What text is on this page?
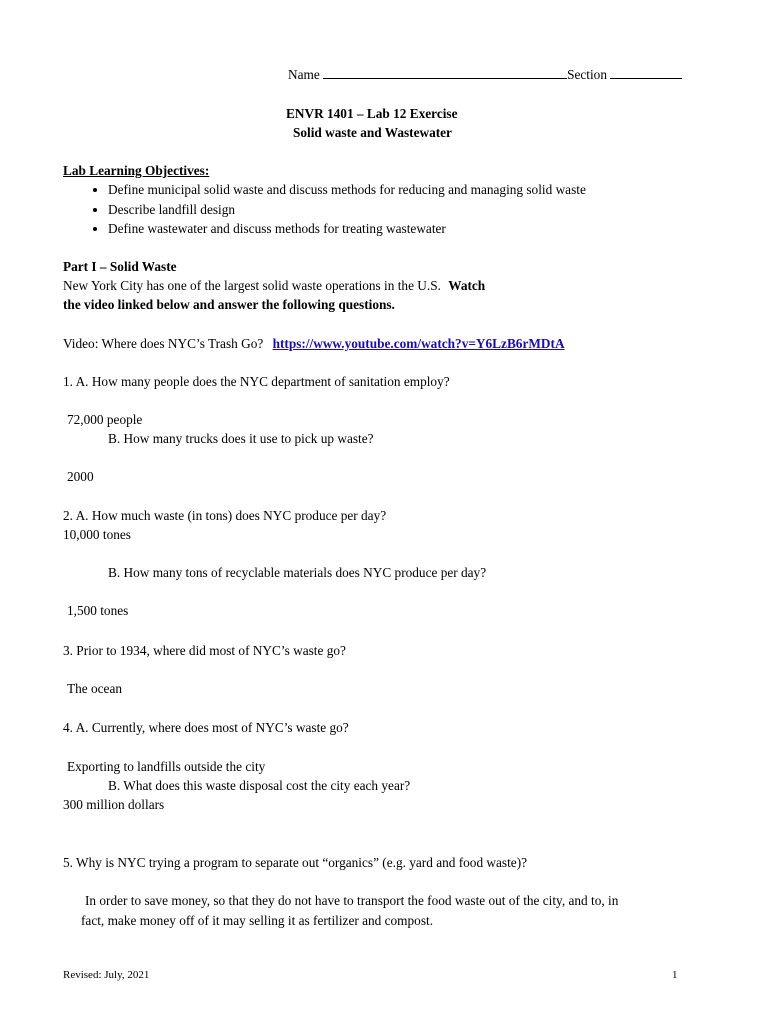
Name	Section
ENVR 1401 – Lab 12 Exercise
Solid waste and Wastewater
Lab Learning Objectives:
• Define municipal solid waste and discuss methods for reducing and managing solid waste
• Describe landfill design
• Define wastewater and discuss methods for treating wastewater
Part I – Solid Waste
New York City has one of the largest solid waste operations in the U.S. Watch
the video linked below and answer the following questions.
Video: Where does NYC’s Trash Go? https://www.youtube.com/watch?v=Y6LzB6rMDtA
1. A. How many people does the NYC department of sanitation employ?
72,000 people
B. How many trucks does it use to pick up waste?
2000
2. A. How much waste (in tons) does NYC produce per day?
10,000 tones
B. How many tons of recyclable materials does NYC produce per day?
1,500 tones
3. Prior to 1934, where did most of NYC’s waste go?
The ocean
4. A. Currently, where does most of NYC’s waste go?
Exporting to landfills outside the city
B. What does this waste disposal cost the city each year?
300 million dollars
5. Why is NYC trying a program to separate out “organics” (e.g. yard and food waste)?
In order to save money, so that they do not have to transport the food waste out of the city, and to, in
fact, make money off of it may selling it as fertilizer and compost.
Revised: July, 2021	1
